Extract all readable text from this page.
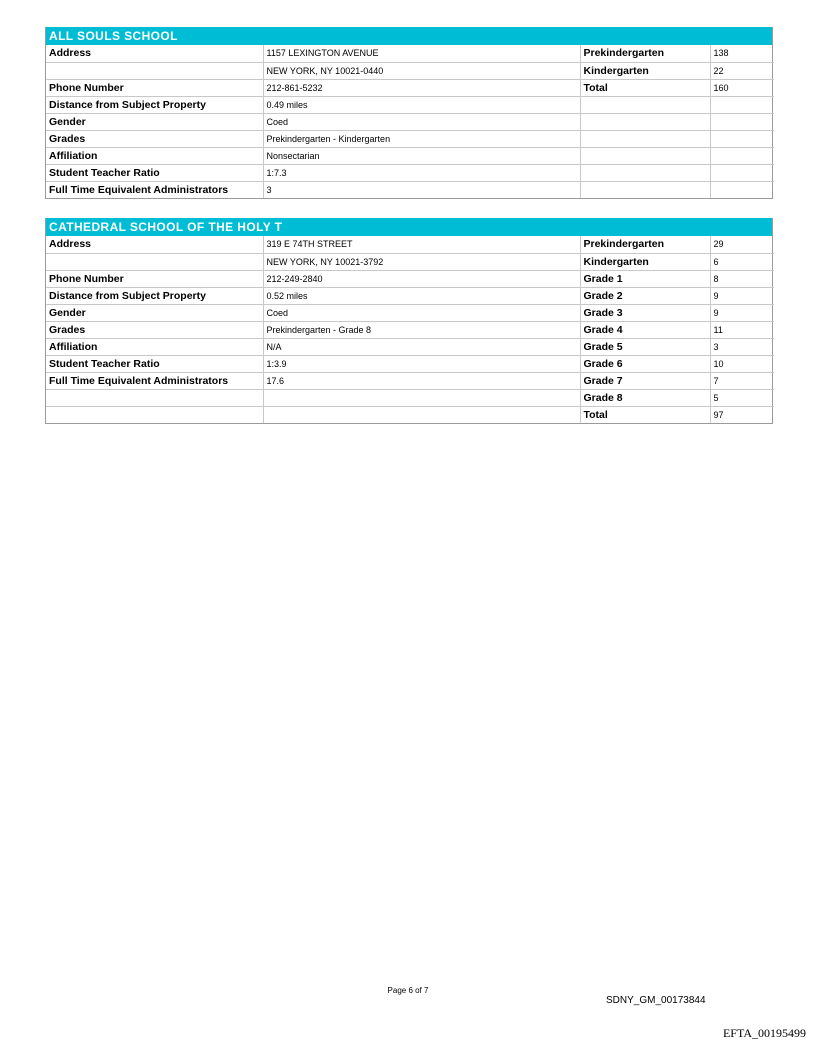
ALL SOULS SCHOOL
Address	1157 LEXINGTON AVENUE	Prekindergarten	138
	NEW YORK, NY 10021-0440	Kindergarten	22
Phone Number	212-861-5232	Total	160
Distance from Subject Property	0.49 miles		
Gender	Coed		
Grades	Prekindergarten - Kindergarten		
Affiliation	Nonsectarian		
Student Teacher Ratio	1:7.3		
Full Time Equivalent Administrators	3		
CATHEDRAL SCHOOL OF THE HOLY T
Address	319 E 74TH STREET	Prekindergarten	29
	NEW YORK, NY 10021-3792	Kindergarten	6
Phone Number	212-249-2840	Grade 1	8
Distance from Subject Property	0.52 miles	Grade 2	9
Gender	Coed	Grade 3	9
Grades	Prekindergarten - Grade 8	Grade 4	11
Affiliation	N/A	Grade 5	3
Student Teacher Ratio	1:3.9	Grade 6	10
Full Time Equivalent Administrators	17.6	Grade 7	7
		Grade 8	5
		Total	97
Page 6 of 7
SDNY_GM_00173844
EFTA_00195499
